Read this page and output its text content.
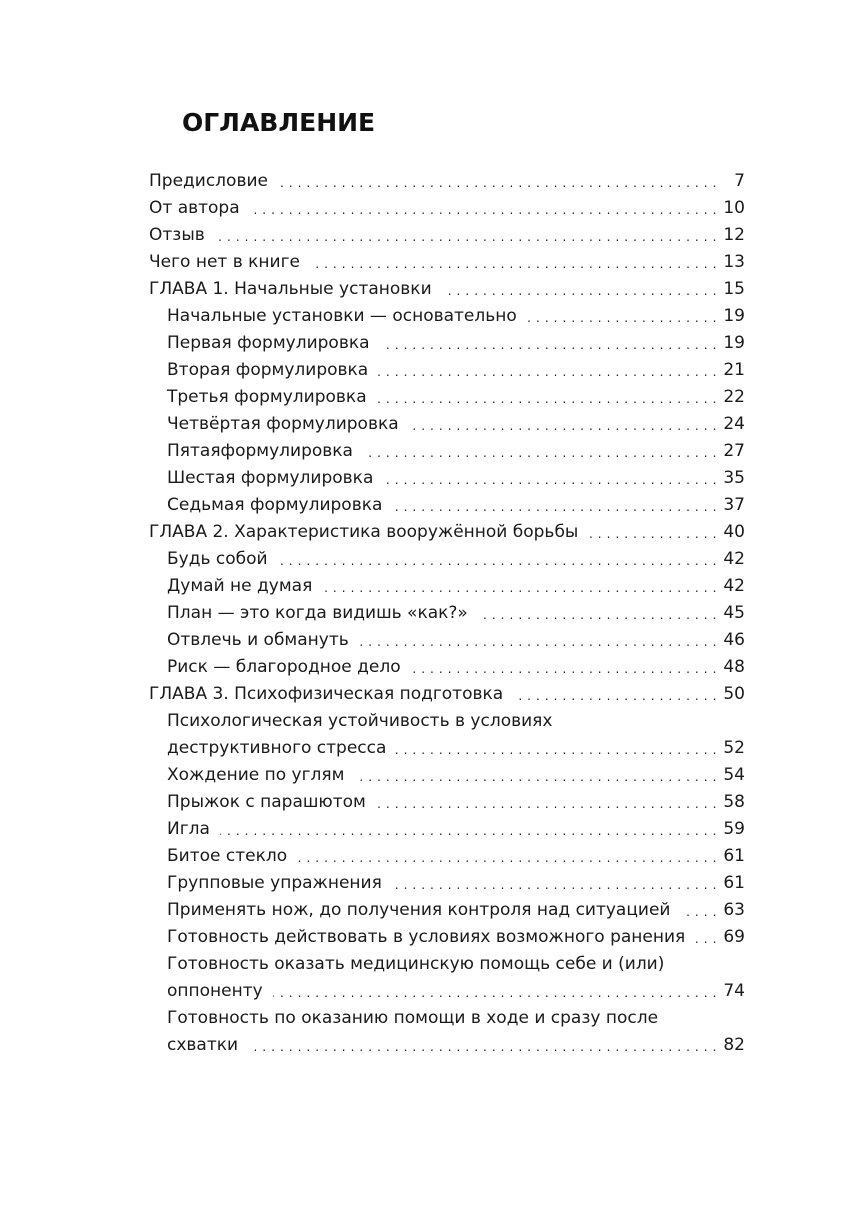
ОГЛАВЛЕНИЕ
Предисловие . . .	7
От автора . . .	10
Отзыв . . .	12
Чего нет в книге . . .	13
ГЛАВА 1. Начальные установки . . .	15
Начальные установки — основательно . . .	19
Первая формулировка . . .	19
Вторая формулировка . . .	21
Третья формулировка . . .	22
Четвёртая формулировка . . .	24
Пятаяформулировка . . .	27
Шестая формулировка . . .	35
Седьмая формулировка . . .	37
ГЛАВА 2. Характеристика вооружённой борьбы . . .	40
Будь собой . . .	42
Думай не думая . . .	42
План — это когда видишь «как?» . . .	45
Отвлечь и обмануть . . .	46
Риск — благородное дело . . .	48
ГЛАВА 3. Психофизическая подготовка . . .	50
Психологическая устойчивость в условиях
деструктивного стресса . . .	52
Хождение по углям . . .	54
Прыжок с парашютом . . .	58
Игла . . .	59
Битое стекло . . .	61
Групповые упражнения . . .	61
Применять нож, до получения контроля над ситуацией . . .	63
Готовность действовать в условиях возможного ранения . . .	69
Готовность оказать медицинскую помощь себе и (или)
оппоненту . . .	74
Готовность по оказанию помощи в ходе и сразу после
схватки . . .	82
